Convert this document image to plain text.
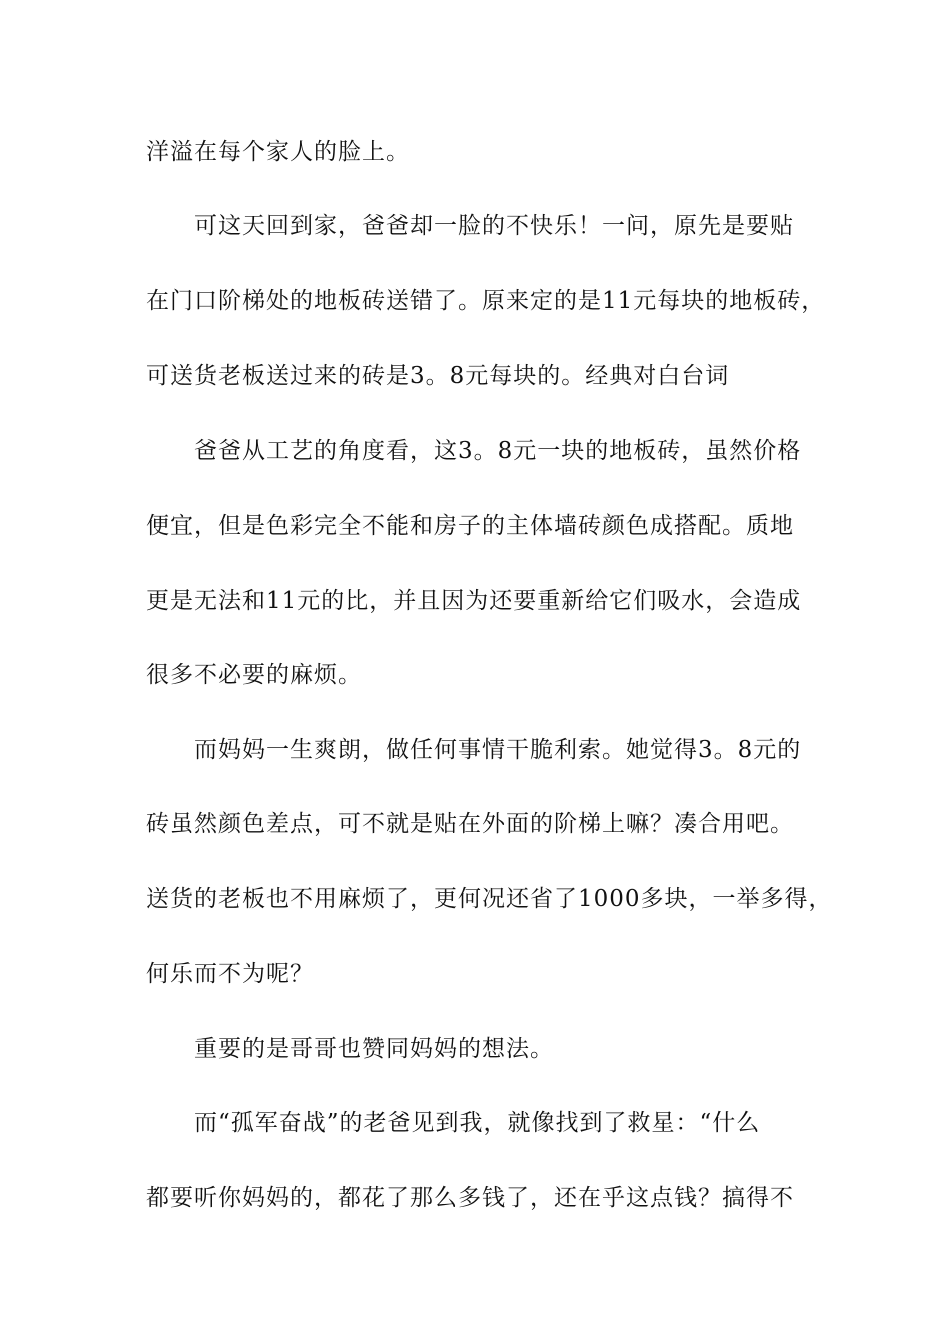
洋溢在每个家人的脸上。
可这天回到家，爸爸却一脸的不快乐！一问，原先是要贴
在门口阶梯处的地板砖送错了。原来定的是11元每块的地板砖，
可送货老板送过来的砖是3。8元每块的。经典对白台词
爸爸从工艺的角度看，这3。8元一块的地板砖，虽然价格
便宜，但是色彩完全不能和房子的主体墙砖颜色成搭配。质地
更是无法和11元的比，并且因为还要重新给它们吸水，会造成
很多不必要的麻烦。
而妈妈一生爽朗，做任何事情干脆利索。她觉得3。8元的
砖虽然颜色差点，可不就是贴在外面的阶梯上嘛？凑合用吧。
送货的老板也不用麻烦了，更何况还省了1000多块，一举多得，
何乐而不为呢？
重要的是哥哥也赞同妈妈的想法。
而“孤军奋战”的老爸见到我，就像找到了救星：“什么
都要听你妈妈的，都花了那么多钱了，还在乎这点钱？搞得不
